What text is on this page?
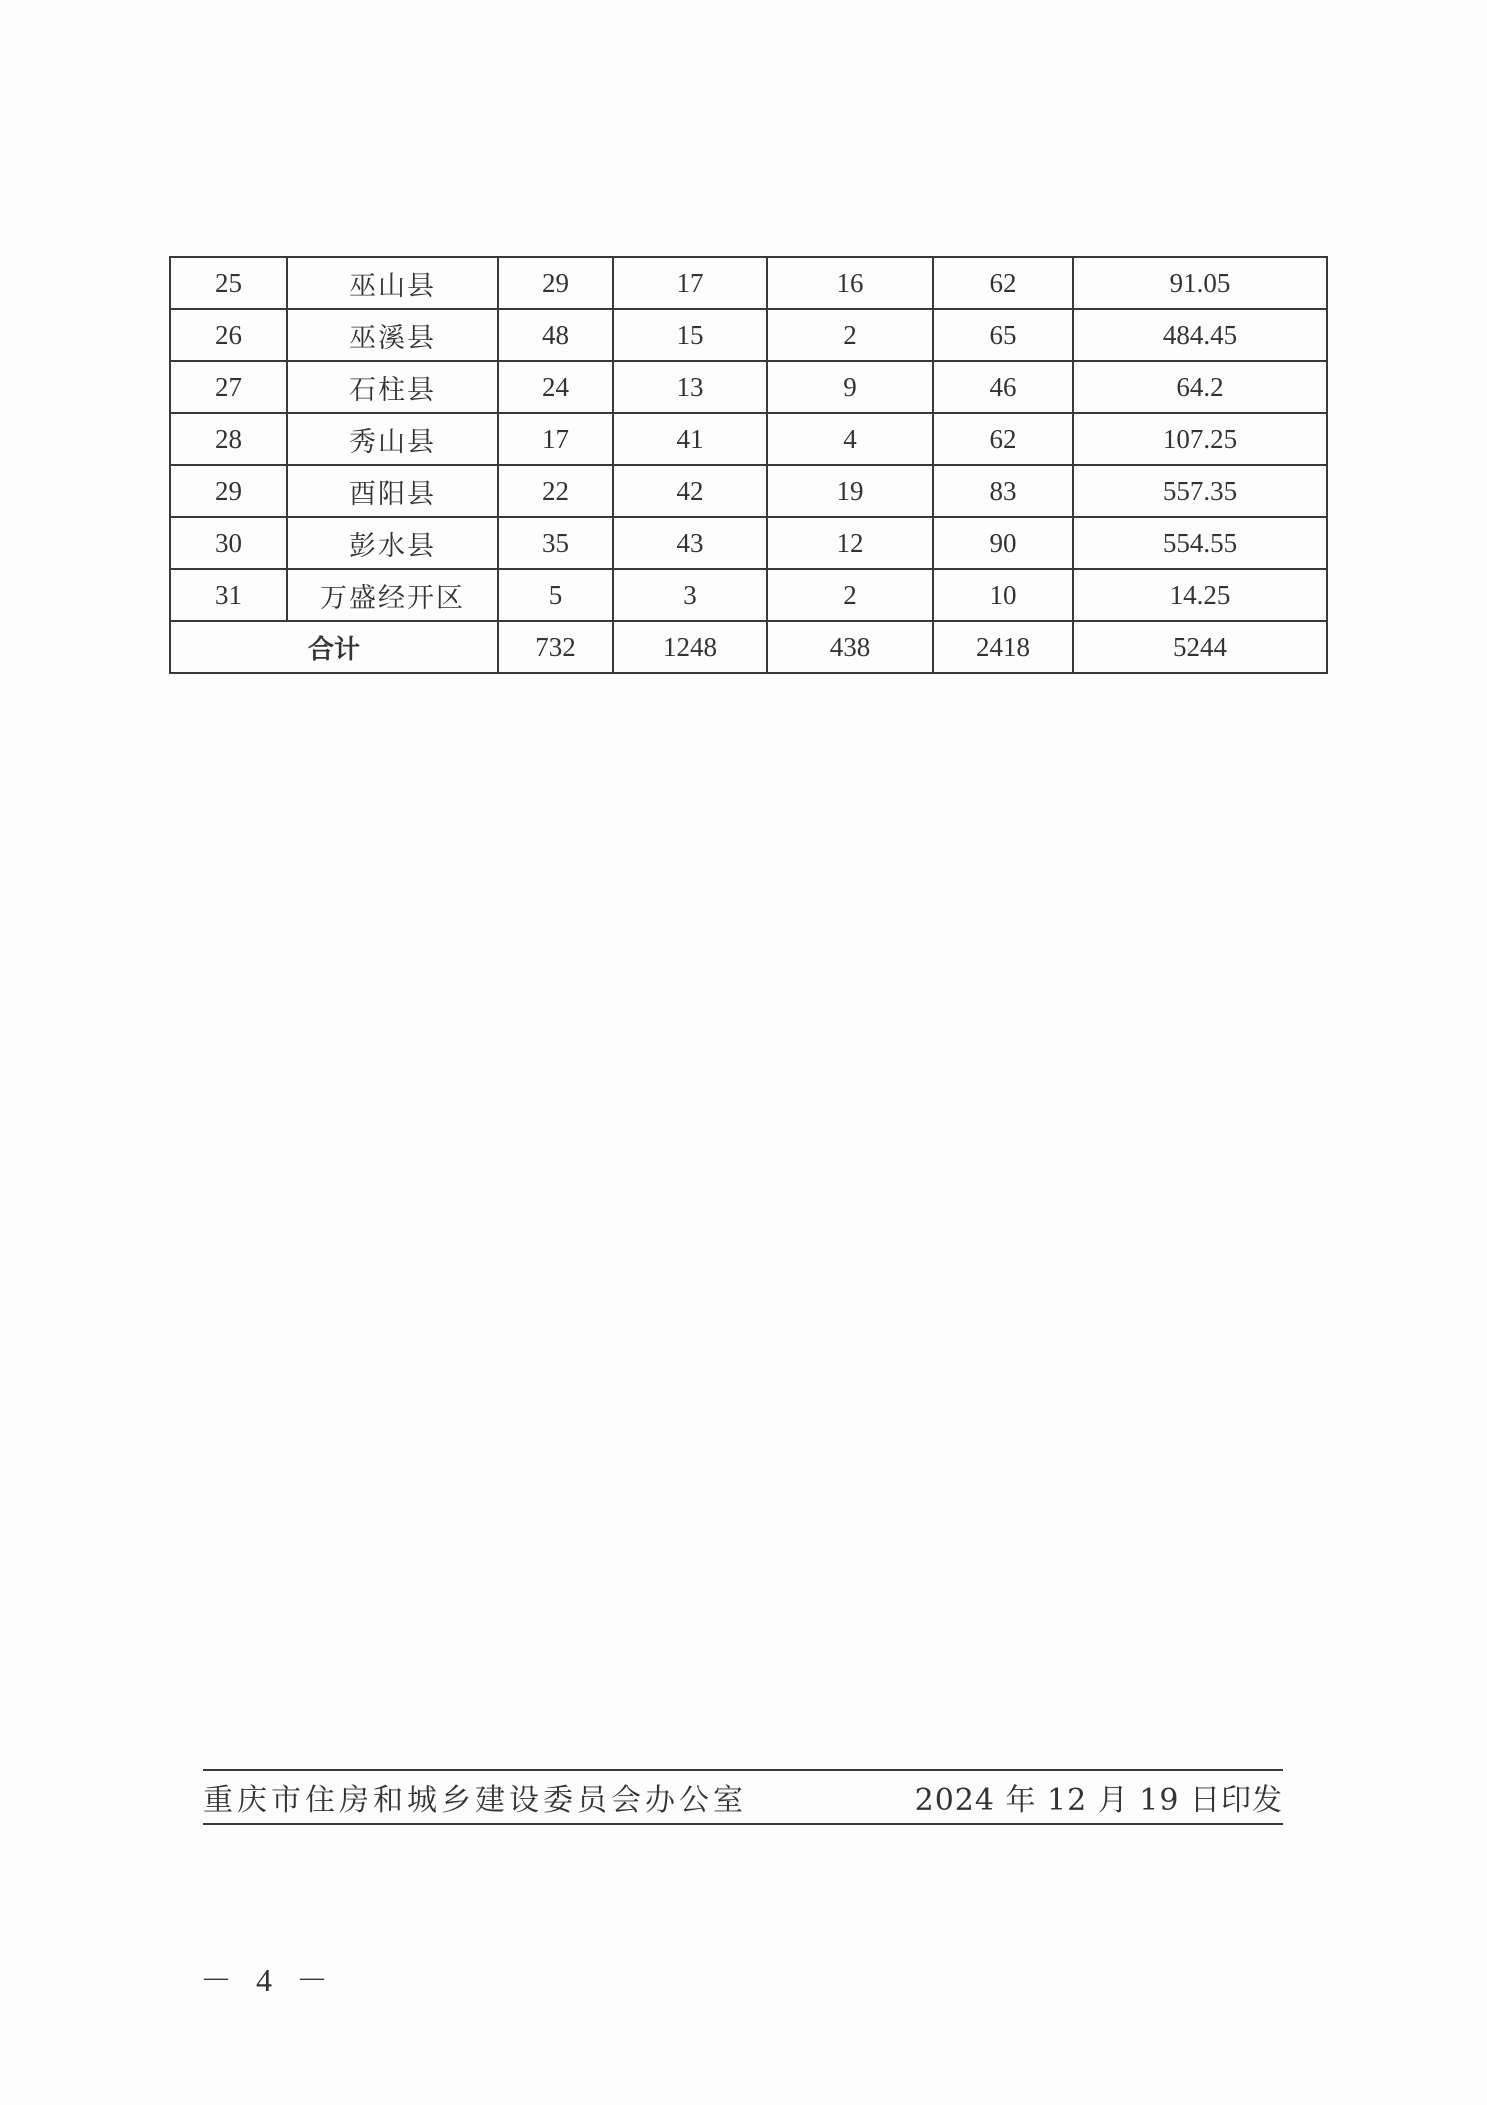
25	巫山县	29	17	16	62	91.05
26	巫溪县	48	15	2	65	484.45
27	石柱县	24	13	9	46	64.2
28	秀山县	17	41	4	62	107.25
29	酉阳县	22	42	19	83	557.35
30	彭水县	35	43	12	90	554.55
31	万盛经开区	5	3	2	10	14.25
合计		732	1248	438	2418	5244
重庆市住房和城乡建设委员会办公室	2024 年 12 月 19 日印发
－ 4 －
